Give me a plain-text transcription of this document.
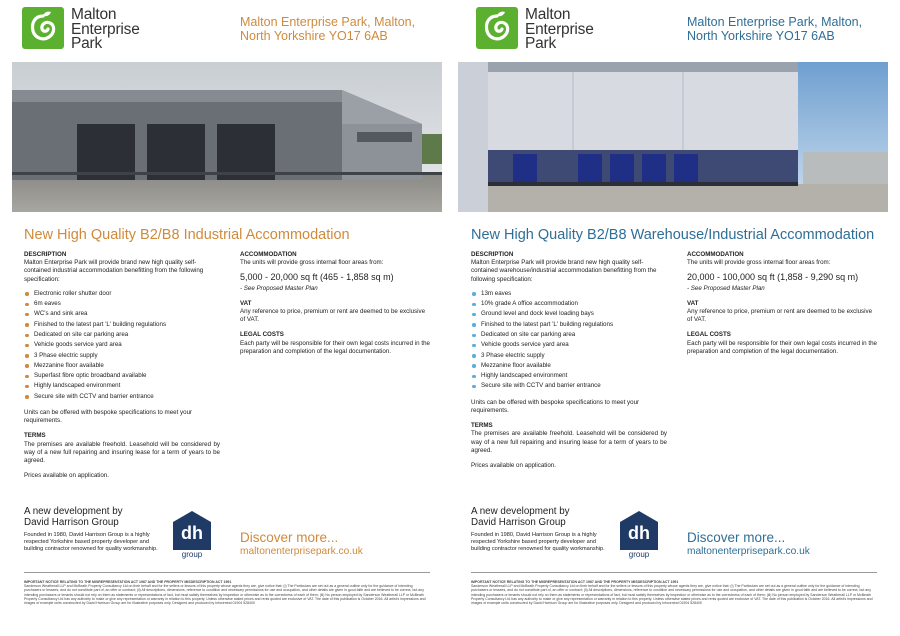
Malton
Enterprise
Park
Malton Enterprise Park, Malton,
North Yorkshire YO17 6AB
New High Quality B2/B8 Industrial Accommodation
DESCRIPTION
Malton Enterprise Park will provide brand new high quality self-contained industrial accommodation benefitting from the following specification:
Electronic roller shutter door
6m eaves
WC's and sink area
Finished to the latest part 'L' building regulations
Dedicated on site car parking area
Vehicle goods service yard area
3 Phase electric supply
Mezzanine floor available
Superfast fibre optic broadband available
Highly landscaped environment
Secure site with CCTV and barrier entrance
Units can be offered with bespoke specifications to meet your requirements.
TERMS
The premises are available freehold. Leasehold will be considered by way of a new full repairing and insuring lease for a term of years to be agreed.
Prices available on application.
ACCOMMODATION
The units will provide gross internal floor areas from:
5,000 - 20,000 sq ft (465 - 1,858 sq m)
- See Proposed Master Plan
VAT
Any reference to price, premium or rent are deemed to be exclusive of VAT.
LEGAL COSTS
Each party will be responsible for their own legal costs incurred in the preparation and completion of the legal documentation.
A new development by
David Harrison Group
Founded in 1980, David Harrison Group is a highly respected Yorkshire based property developer and building contractor renowned for quality workmanship.
dh
group
Discover more...
maltonenterprisepark.co.uk
IMPORTANT NOTICE RELATING TO THE MISREPRESENTATION ACT 1967 AND THE PROPERTY MISDESCRIPTION ACT 1991
Sanderson Weatherall LLP and McBeath Property Consultancy Ltd on their behalf and for the sellers or lessors of this property whose agents they are, give notice that: (i) The Particulars are set out as a general outline only for the guidance of intending purchasers or lessees, and do not constitute part of, an offer or contract; (ii) All descriptions, dimensions, reference to condition and necessary permissions for use and occupation, and other details are given in good faith and are believed to be correct, but any intending purchasers or tenants should not rely on them as statements or representations of fact, but must satisfy themselves by inspection or otherwise as to the correctness of each of them; (iii) No person employed by Sanderson Weatherall LLP or McBeath Property Consultancy Ltd has any authority to make or give any representation or warranty in relation to this property. Unless otherwise stated prices and rents quoted are exclusive of VAT. The date of this publication is October 2016. All artist's impressions and images of example units constructed by David Harrison Group are for illustrative purposes only. Designed and produced by Infocentral 01904 528400
Malton
Enterprise
Park
Malton Enterprise Park, Malton,
North Yorkshire YO17 6AB
New High Quality B2/B8 Warehouse/Industrial Accommodation
DESCRIPTION
Malton Enterprise Park will provide brand new high quality self-contained warehouse/industrial accommodation benefitting from the following specification:
13m eaves
10% grade A office accommodation
Ground level and dock level loading bays
Finished to the latest part 'L' building regulations
Dedicated on site car parking area
Vehicle goods service yard area
3 Phase electric supply
Mezzanine floor available
Highly landscaped environment
Secure site with CCTV and barrier entrance
Units can be offered with bespoke specifications to meet your requirements.
TERMS
The premises are available freehold. Leasehold will be considered by way of a new full repairing and insuring lease for a term of years to be agreed.
Prices available on application.
ACCOMMODATION
The units will provide gross internal floor areas from:
20,000 - 100,000 sq ft (1,858 - 9,290 sq m)
- See Proposed Master Plan
VAT
Any reference to price, premium or rent are deemed to be exclusive of VAT.
LEGAL COSTS
Each party will be responsible for their own legal costs incurred in the preparation and completion of the legal documentation.
A new development by
David Harrison Group
Founded in 1980, David Harrison Group is a highly respected Yorkshire based property developer and building contractor renowned for quality workmanship.
dh
group
Discover more...
maltonenterprisepark.co.uk
IMPORTANT NOTICE RELATING TO THE MISREPRESENTATION ACT 1967 AND THE PROPERTY MISDESCRIPTION ACT 1991
Sanderson Weatherall LLP and McBeath Property Consultancy Ltd on their behalf and for the sellers or lessors of this property whose agents they are, give notice that: (i) The Particulars are set out as a general outline only for the guidance of intending purchasers or lessees, and do not constitute part of, an offer or contract; (ii) All descriptions, dimensions, reference to condition and necessary permissions for use and occupation, and other details are given in good faith and are believed to be correct, but any intending purchasers or tenants should not rely on them as statements or representations of fact, but must satisfy themselves by inspection or otherwise as to the correctness of each of them; (iii) No person employed by Sanderson Weatherall LLP or McBeath Property Consultancy Ltd has any authority to make or give any representation or warranty in relation to this property. Unless otherwise stated prices and rents quoted are exclusive of VAT. The date of this publication is October 2016. All artist's impressions and images of example units constructed by David Harrison Group are for illustrative purposes only. Designed and produced by Infocentral 01904 528400
